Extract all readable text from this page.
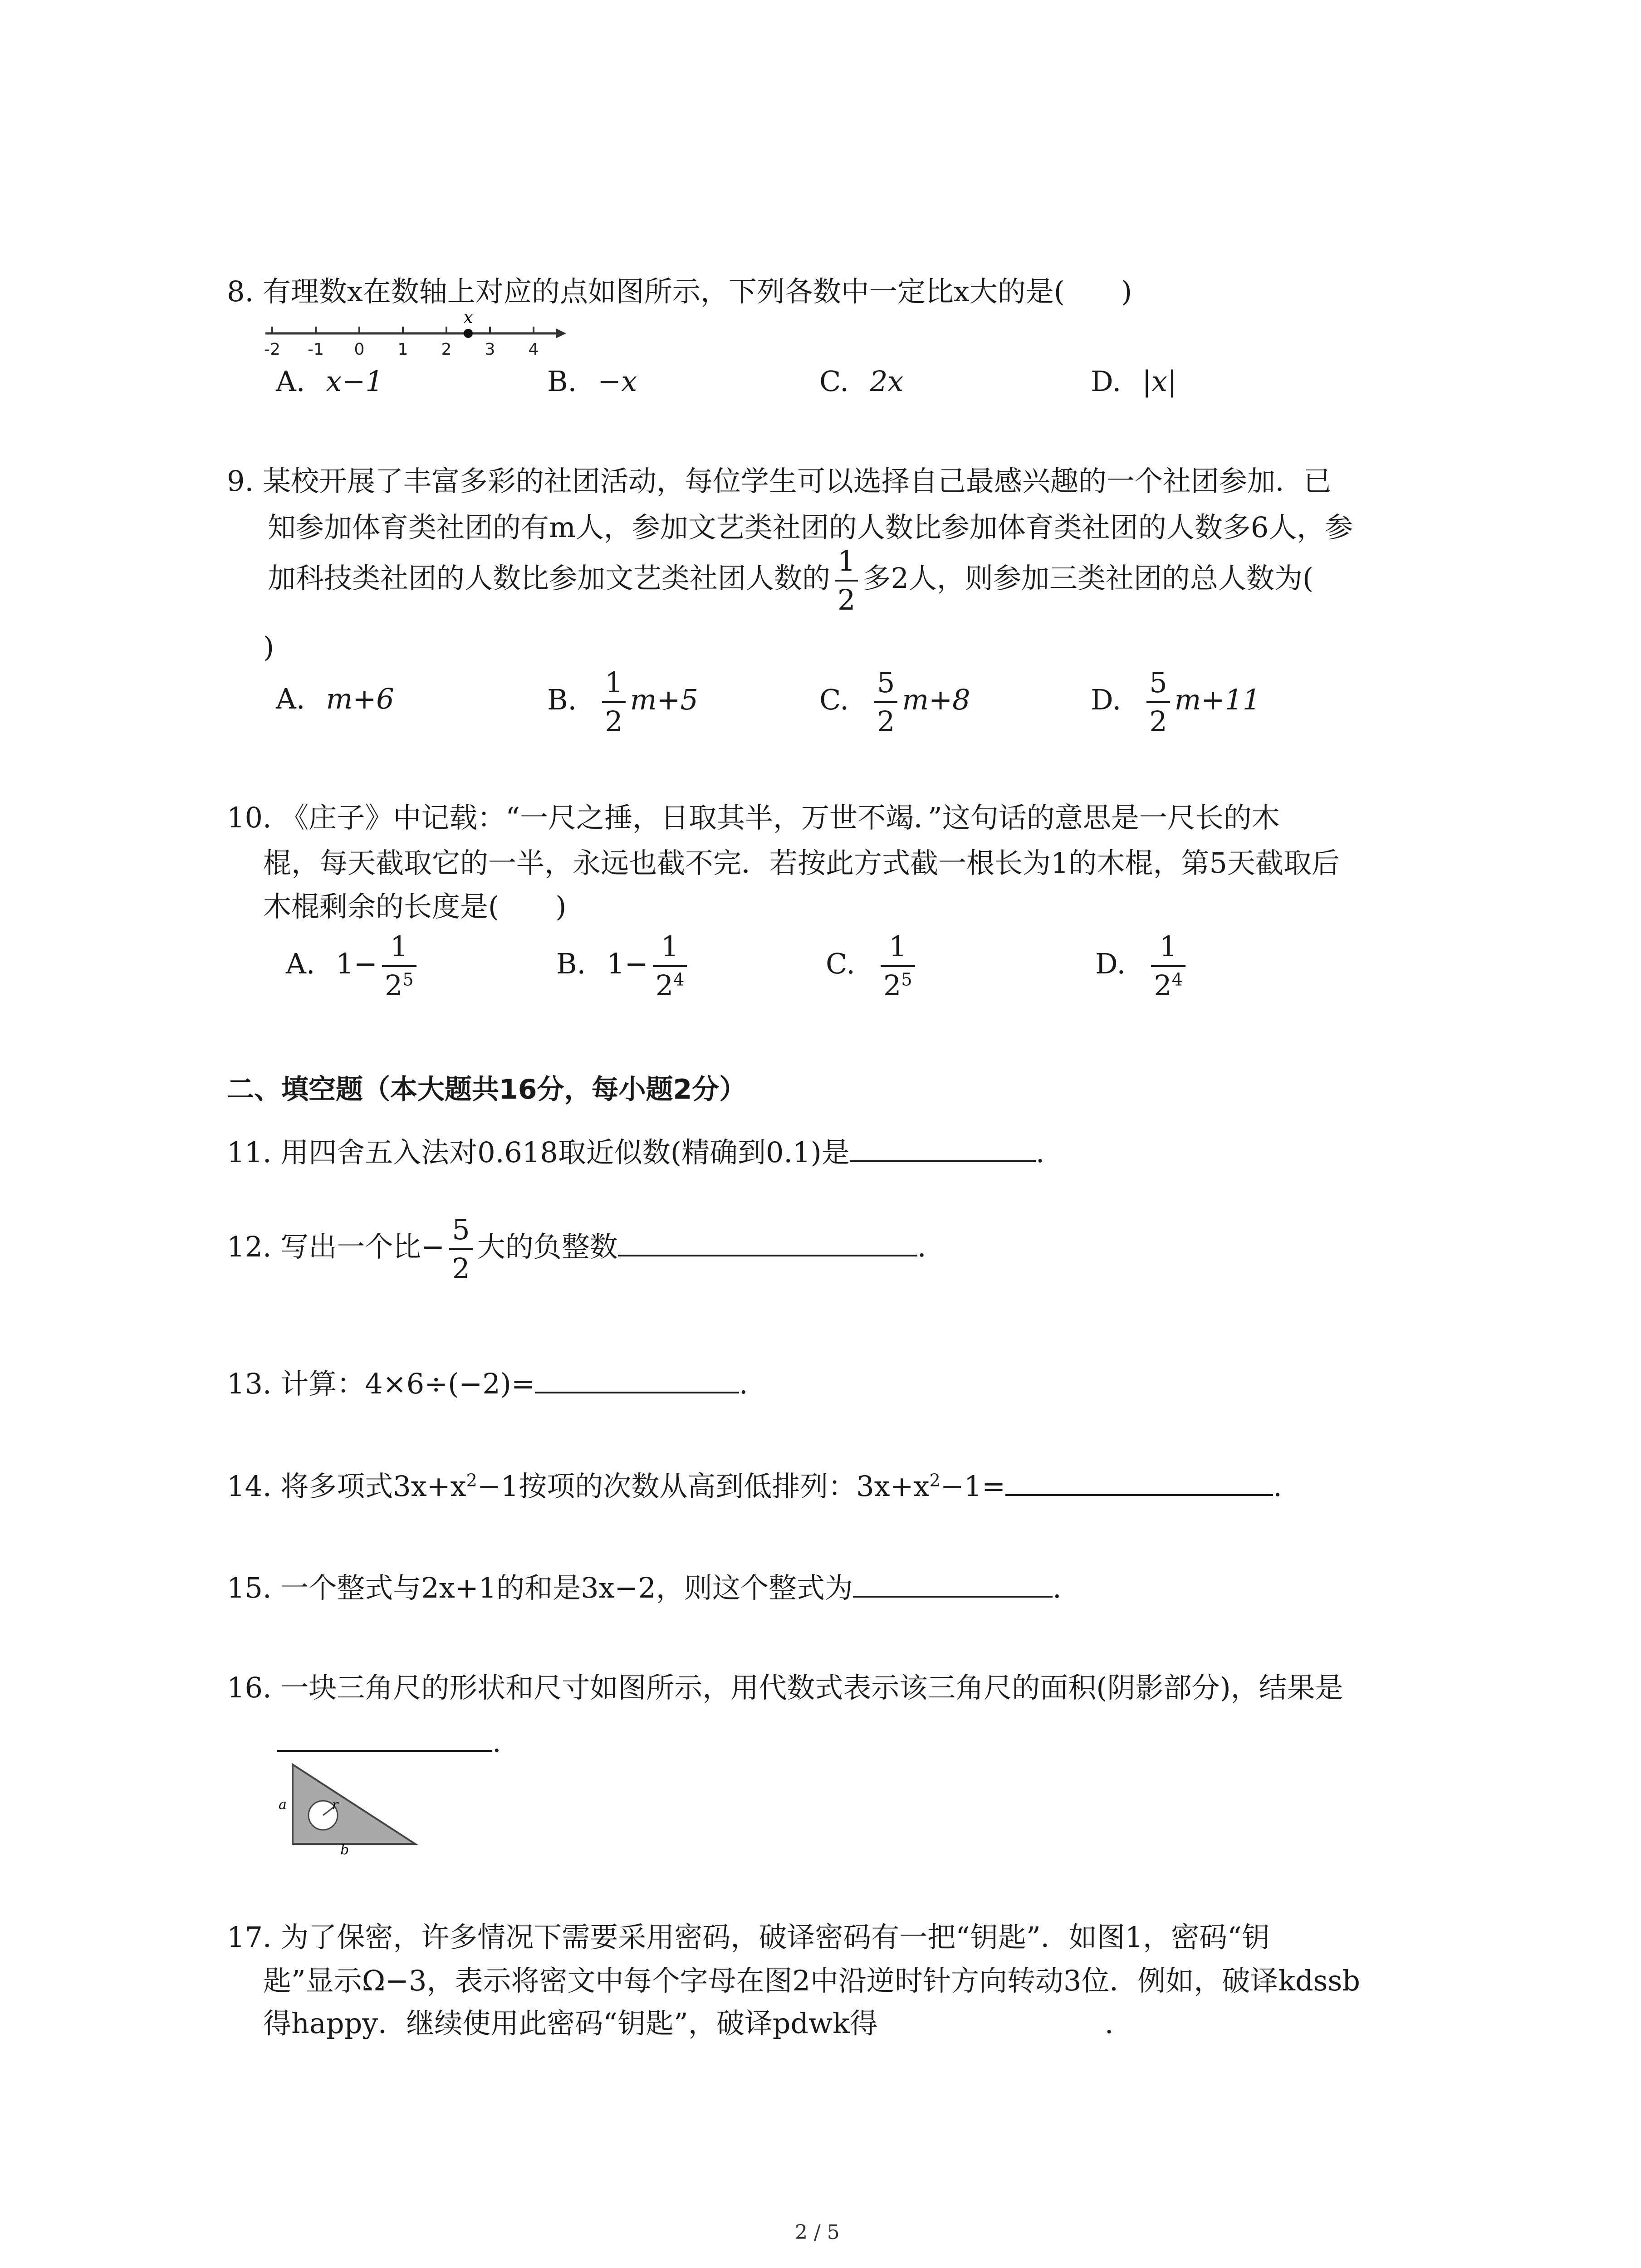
8. 有理数x在数轴上对应的点如图所示，下列各数中一定比x大的是(　　)
-2 -1 0 1 2 3 4
x
A. x−1	B. −x	C. 2x	D. |x|
9. 某校开展了丰富多彩的社团活动，每位学生可以选择自己最感兴趣的一个社团参加．已
知参加体育类社团的有m人，参加文艺类社团的人数比参加体育类社团的人数多6人，参
加科技类社团的人数比参加文艺类社团人数的 $\frac{1}{2}$ 多2人，则参加三类社团的总人数为(
)
A. m+6	B. $\frac{1}{2} m+5$	C. $\frac{5}{2} m+8$	D. $\frac{5}{2} m+11$
10. 《庄子》中记载：“一尺之捶，日取其半，万世不竭．”这句话的意思是一尺长的木
棍，每天截取它的一半，永远也截不完．若按此方式截一根长为1的木棍，第5天截取后
木棍剩余的长度是(　　)
A. $1- \frac{1}{2^5}$	B. $1- \frac{1}{2^4}$	C. $\frac{1}{2^5}$	D. $\frac{1}{2^4}$
二、填空题（本大题共16分，每小题2分）
11. 用四舍五入法对0.618取近似数(精确到0.1)是	.
12. 写出一个比− $\frac{5}{2}$ 大的负整数	.
13. 计算：4×6÷(−2)=	.
14. 将多项式$3x+x^2-1$按项的次数从高到低排列：$3x+x^2-1=$	.
15. 一个整式与2x+1的和是3x−2，则这个整式为	.
16. 一块三角尺的形状和尺寸如图所示，用代数式表示该三角尺的面积(阴影部分)，结果是
.
r
a
b
17. 为了保密，许多情况下需要采用密码，破译密码有一把“钥匙”．如图1，密码“钥
匙”显示Ω−3，表示将密文中每个字母在图2中沿逆时针方向转动3位．例如，破译kdssb
得happy．继续使用此密码“钥匙”，破译pdwk得	.
2 / 5
